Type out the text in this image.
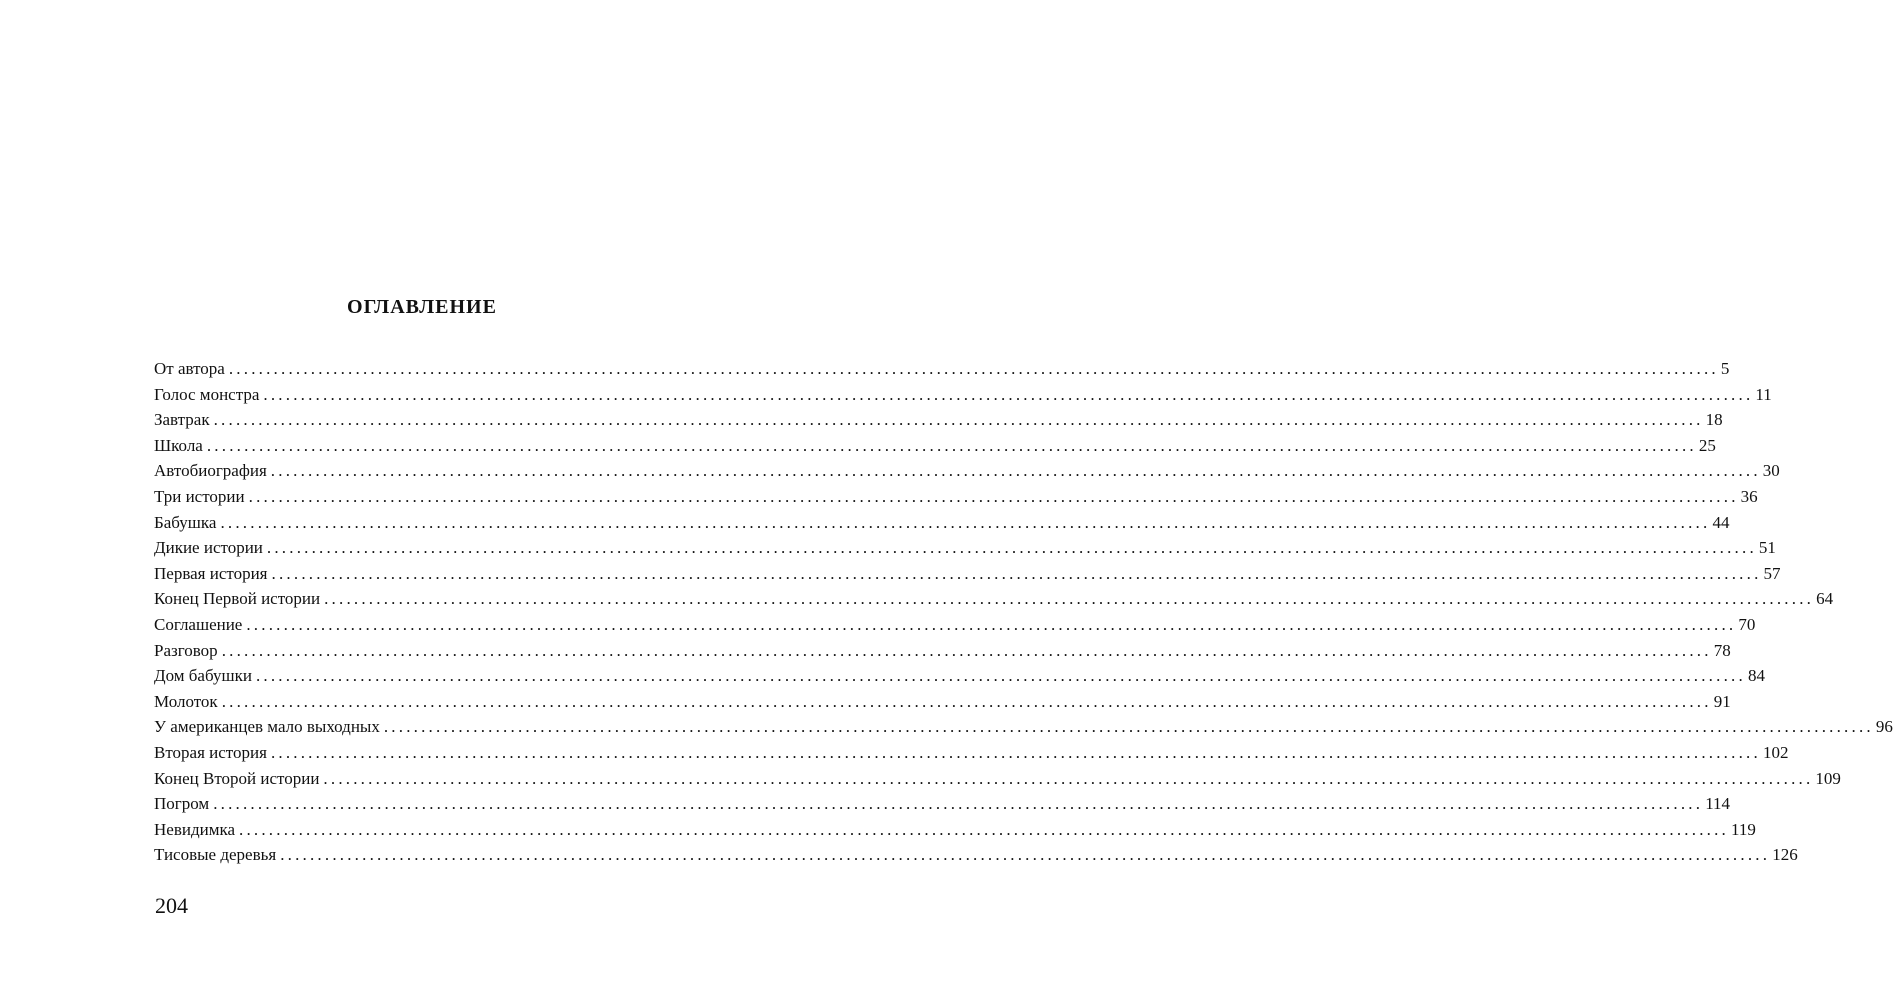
ОГЛАВЛЕНИЕ
От автора ........................................................................................................................................................................................................ 5
Голос монстра ........................................................................................................................................................................................................ 11
Завтрак ........................................................................................................................................................................................................ 18
Школа ........................................................................................................................................................................................................ 25
Автобиография ........................................................................................................................................................................................................ 30
Три истории ........................................................................................................................................................................................................ 36
Бабушка ........................................................................................................................................................................................................ 44
Дикие истории ........................................................................................................................................................................................................ 51
Первая история ........................................................................................................................................................................................................ 57
Конец Первой истории ........................................................................................................................................................................................................ 64
Соглашение ........................................................................................................................................................................................................ 70
Разговор ........................................................................................................................................................................................................ 78
Дом бабушки ........................................................................................................................................................................................................ 84
Молоток ........................................................................................................................................................................................................ 91
У американцев мало выходных ........................................................................................................................................................................................................ 96
Вторая история ........................................................................................................................................................................................................ 102
Конец Второй истории ........................................................................................................................................................................................................ 109
Погром ........................................................................................................................................................................................................ 114
Невидимка ........................................................................................................................................................................................................ 119
Тисовые деревья ........................................................................................................................................................................................................ 126
204
